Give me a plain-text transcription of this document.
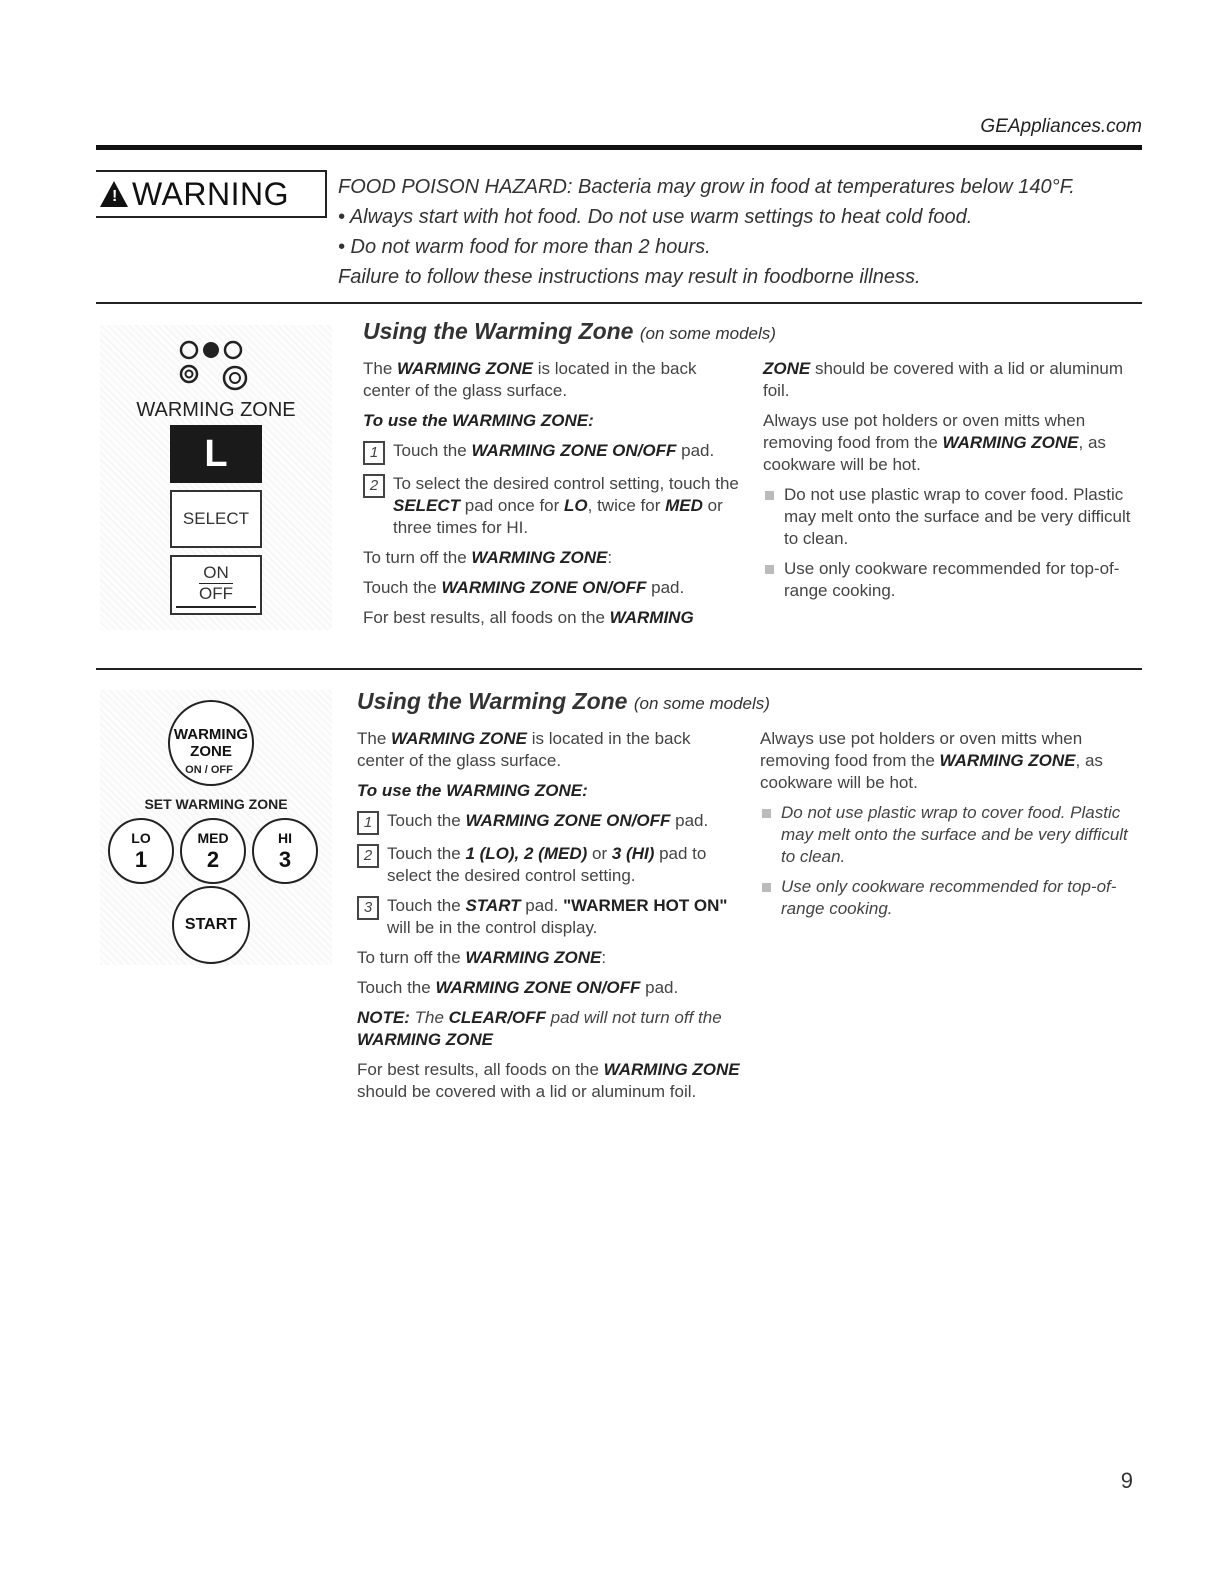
GEAppliances.com
! WARNING FOOD POISON HAZARD: Bacteria may grow in food at temperatures below 140°F.
• Always start with hot food. Do not use warm settings to heat cold food.
• Do not warm food for more than 2 hours.
Failure to follow these instructions may result in foodborne illness.
WARMING ZONE
L
SELECT
ON
OFF
Using the Warming Zone (on some models)

The WARMING ZONE is located in the back center of the glass surface.

To use the WARMING ZONE:

1 Touch the WARMING ZONE ON/OFF pad.
2 To select the desired control setting, touch the SELECT pad once for LO, twice for MED or three times for HI.

To turn off the WARMING ZONE:

Touch the WARMING ZONE ON/OFF pad.

For best results, all foods on the WARMING

ZONE should be covered with a lid or aluminum foil.

Always use pot holders or oven mitts when removing food from the WARMING ZONE, as cookware will be hot.

Do not use plastic wrap to cover food. Plastic may melt onto the surface and be very difficult to clean.
Use only cookware recommended for top-of-range cooking.
WARMING
ZONE
ON / OFF
SET WARMING ZONE
LO
1
MED
2
HI
3
START
Using the Warming Zone (on some models)

The WARMING ZONE is located in the back center of the glass surface.

To use the WARMING ZONE:

1 Touch the WARMING ZONE ON/OFF pad.
2 Touch the 1 (LO), 2 (MED) or 3 (HI) pad to select the desired control setting.
3 Touch the START pad. "WARMER HOT ON" will be in the control display.

To turn off the WARMING ZONE:

Touch the WARMING ZONE ON/OFF pad.

NOTE: The CLEAR/OFF pad will not turn off the WARMING ZONE

For best results, all foods on the WARMING ZONE should be covered with a lid or aluminum foil.

Always use pot holders or oven mitts when removing food from the WARMING ZONE, as cookware will be hot.

Do not use plastic wrap to cover food. Plastic may melt onto the surface and be very difficult to clean.
Use only cookware recommended for top-of-range cooking.
9
